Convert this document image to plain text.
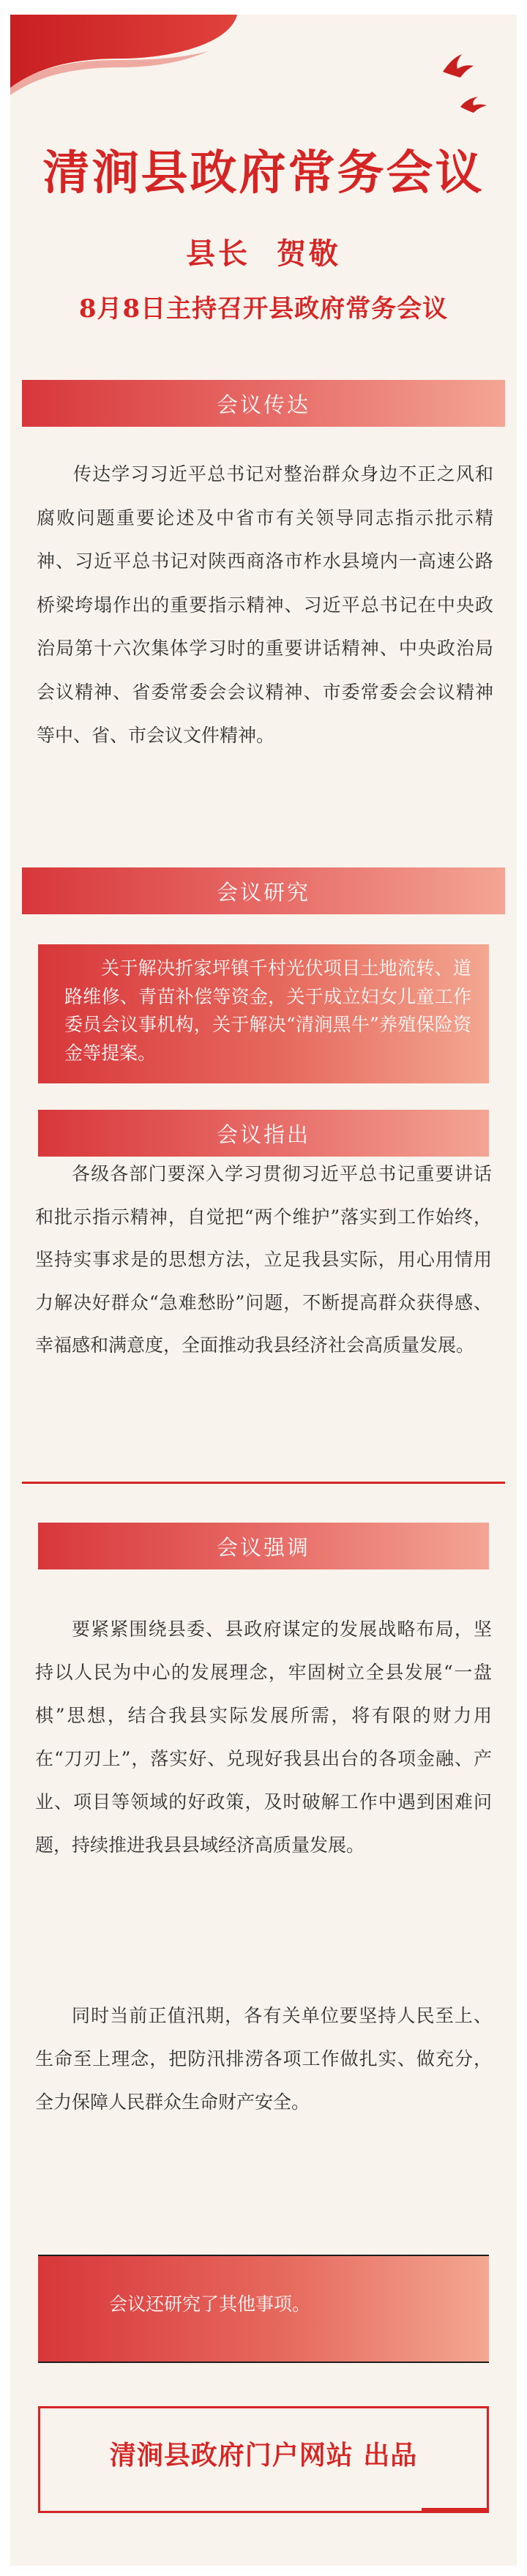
清涧县政府常务会议
县长  贺敬
8月8日主持召开县政府常务会议
会议传达
传达学习习近平总书记对整治群众身边不正之风和腐败问题重要论述及中省市有关领导同志指示批示精神、习近平总书记对陕西商洛市柞水县境内一高速公路桥梁垮塌作出的重要指示精神、习近平总书记在中央政治局第十六次集体学习时的重要讲话精神、中央政治局会议精神、省委常委会会议精神、市委常委会会议精神等中、省、市会议文件精神。
会议研究
关于解决折家坪镇千村光伏项目土地流转、道路维修、青苗补偿等资金，关于成立妇女儿童工作委员会议事机构，关于解决“清涧黑牛”养殖保险资金等提案。
会议指出
各级各部门要深入学习贯彻习近平总书记重要讲话和批示指示精神，自觉把“两个维护”落实到工作始终，坚持实事求是的思想方法，立足我县实际，用心用情用力解决好群众“急难愁盼”问题，不断提高群众获得感、幸福感和满意度，全面推动我县经济社会高质量发展。
会议强调
要紧紧围绕县委、县政府谋定的发展战略布局，坚持以人民为中心的发展理念，牢固树立全县发展“一盘棋”思想，结合我县实际发展所需，将有限的财力用在“刀刃上”，落实好、兑现好我县出台的各项金融、产业、项目等领域的好政策，及时破解工作中遇到困难问题，持续推进我县县域经济高质量发展。
同时当前正值汛期，各有关单位要坚持人民至上、生命至上理念，把防汛排涝各项工作做扎实、做充分，全力保障人民群众生命财产安全。
会议还研究了其他事项。
清涧县政府门户网站 出品
